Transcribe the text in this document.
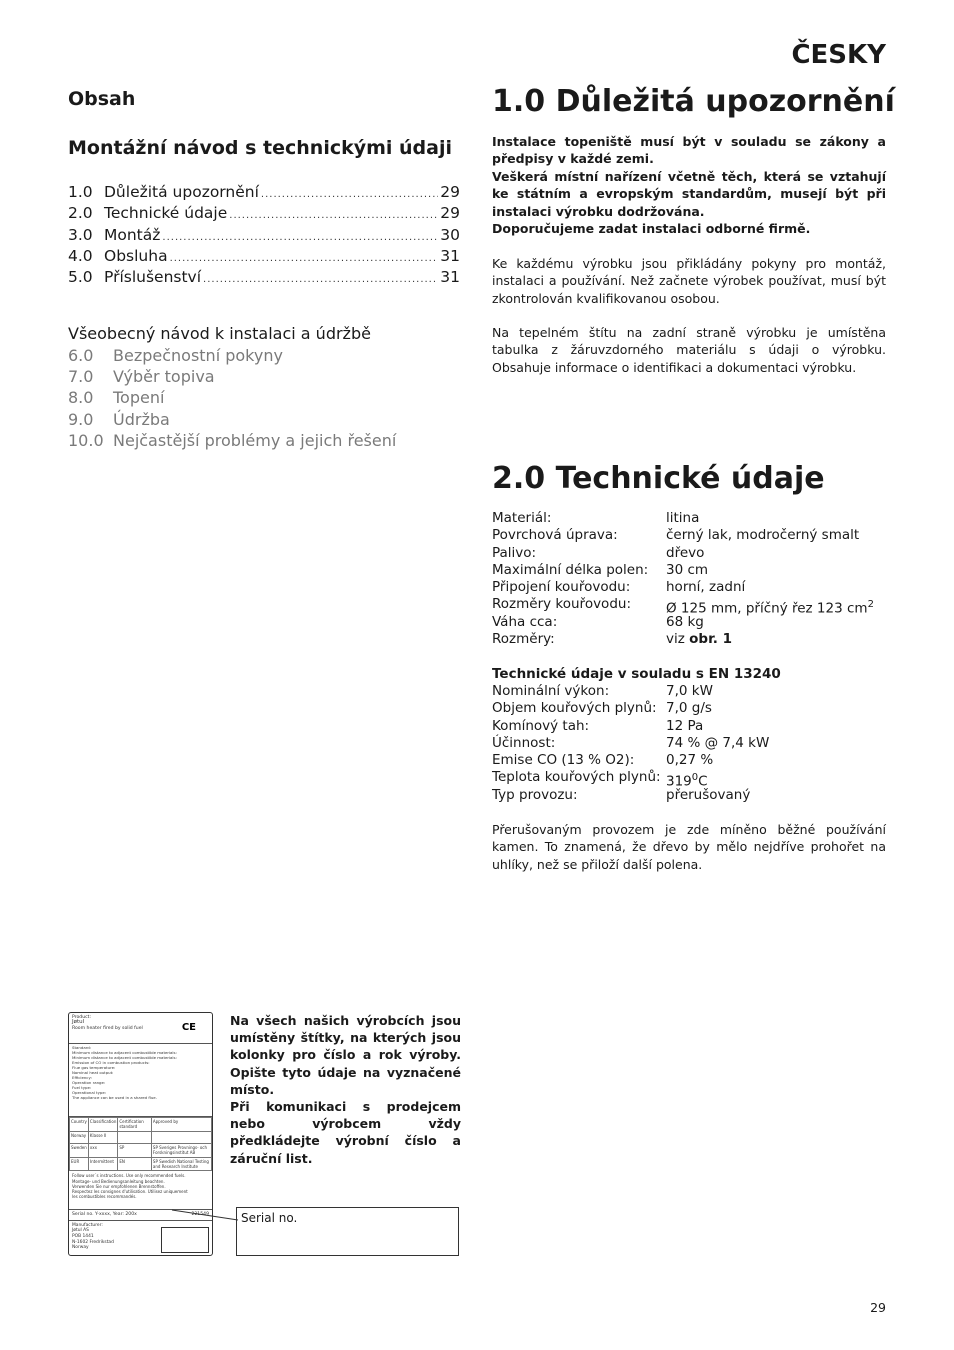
ČESKY
Obsah
Montážní návod s technickými údaji
1.0 Důležitá upozornění .....	29
2.0 Technické údaje .....	29
3.0 Montáž .....	30
4.0 Obsluha .....	31
5.0 Příslušenství .....	31
Všeobecný návod k instalaci a údržbě
6.0 Bezpečnostní pokyny
7.0 Výběr topiva
8.0 Topení
9.0 Údržba
10.0 Nejčastější problémy a jejich řešení
1.0 Důležitá upozornění
Instalace topeniště musí být v souladu se zákony a předpisy v každé zemi.
Veškerá místní nařízení včetně těch, která se vztahují ke státním a evropským standardům, musejí být při instalaci výrobku dodržována.
Doporučujeme zadat instalaci odborné firmě.
Ke každému výrobku jsou přikládány pokyny pro montáž, instalaci a používání. Než začnete výrobek používat, musí být zkontrolován kvalifikovanou osobou.
Na tepelném štítu na zadní straně výrobku je umístěna tabulka z žáruvzdorného materiálu s údaji o výrobku. Obsahuje informace o identifikaci a dokumentaci výrobku.
2.0 Technické údaje
Materiál:	litina
Povrchová úprava:	černý lak, modročerný smalt
Palivo:	dřevo
Maximální délka polen:	30 cm
Připojení kouřovodu:	horní, zadní
Rozměry kouřovodu:	Ø 125 mm, příčný řez 123 $cm^2$
Váha cca:	68 kg
Rozměry:	viz obr. 1
Technické údaje v souladu s EN 13240
Nominální výkon:	7,0 kW
Objem kouřových plynů: 7,0 g/s
Komínový tah:	12 Pa
Účinnost:	74 % @ 7,4 kW
Emise CO (13 % O2):	0,27 %
Teplota kouřových plynů: $319^0C$
Typ provozu:	přerušovaný
Přerušovaným provozem je zde míněno běžné používání kamen. To znamená, že dřevo by mělo nejdříve prohořet na uhlíky, než se přiloží další polena.
Product:
Jøtul
Room heater fired by solid fuel	CE
Standard:
Minimum distance to adjacent combustible materials:
Minimum distance to adjacent combustible materials:
Emission of CO in combustion products:
Flue gas temperature:
Nominal heat output:
Efficiency:
Operation range:
Fuel type:
Operational type:
The appliance can be used in a shared flue.
Country	Classification	Certification standard	Approved by
Norway	Klasse II		
Sweden	xxx	SP	SP Sveriges Provnings- och Forskningsinstitut AB
EUR	Intermittent	EN	SP Swedish National Testing and Research Institute
Follow user´s instructions. Use only recommended fuels.
Montage- und Bedienungsanleitung beachten.
Verwenden Sie nur empfohlenen Brennstoffen.
Respectez les consignes d'utilisation. Utilisez uniquement
les combustibles recommandés.
Serial no. Y-xxxx, Year: 200x	221549
Manufacturer:
Jøtul AS
POB 1441
N-1602 Fredrikstad
Norway
Na všech našich výrobcích jsou umístěny štítky, na kterých jsou kolonky pro číslo a rok výroby. Opište tyto údaje na vyznačené místo.
Při komunikaci s prodejcem nebo výrobcem vždy předkládejte výrobní číslo a záruční list.
Serial no.
29
